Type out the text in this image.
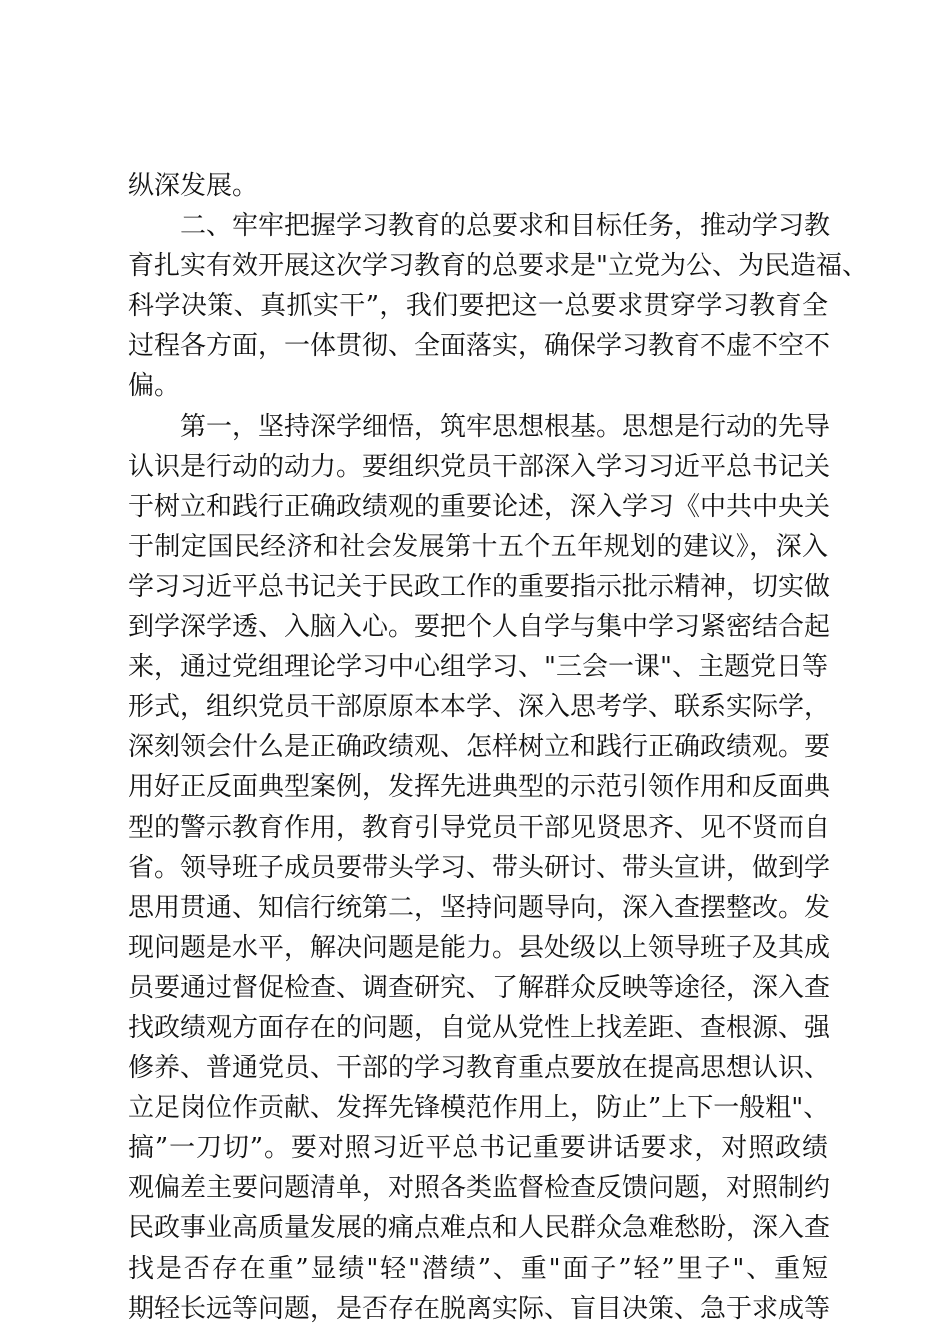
纵深发展。
二、牢牢把握学习教育的总要求和目标任务，推动学习教
育扎实有效开展这次学习教育的总要求是"立党为公、为民造福、
科学决策、真抓实干”，我们要把这一总要求贯穿学习教育全
过程各方面，一体贯彻、全面落实，确保学习教育不虚不空不
偏。
第一，坚持深学细悟，筑牢思想根基。思想是行动的先导
认识是行动的动力。要组织党员干部深入学习习近平总书记关
于树立和践行正确政绩观的重要论述，深入学习《中共中央关
于制定国民经济和社会发展第十五个五年规划的建议》，深入
学习习近平总书记关于民政工作的重要指示批示精神，切实做
到学深学透、入脑入心。要把个人自学与集中学习紧密结合起
来，通过党组理论学习中心组学习、"三会一课"、主题党日等
形式，组织党员干部原原本本学、深入思考学、联系实际学，
深刻领会什么是正确政绩观、怎样树立和践行正确政绩观。要
用好正反面典型案例，发挥先进典型的示范引领作用和反面典
型的警示教育作用，教育引导党员干部见贤思齐、见不贤而自
省。领导班子成员要带头学习、带头研讨、带头宣讲，做到学
思用贯通、知信行统第二，坚持问题导向，深入查摆整改。发
现问题是水平，解决问题是能力。县处级以上领导班子及其成
员要通过督促检查、调查研究、了解群众反映等途径，深入查
找政绩观方面存在的问题，自觉从党性上找差距、查根源、强
修养、普通党员、干部的学习教育重点要放在提高思想认识、
立足岗位作贡献、发挥先锋模范作用上，防止”上下一般粗"、
搞”一刀切”。要对照习近平总书记重要讲话要求，对照政绩
观偏差主要问题清单，对照各类监督检查反馈问题，对照制约
民政事业高质量发展的痛点难点和人民群众急难愁盼，深入查
找是否存在重”显绩"轻"潜绩”、重"面子”轻”里子"、重短
期轻长远等问题，是否存在脱离实际、盲目决策、急于求成等
